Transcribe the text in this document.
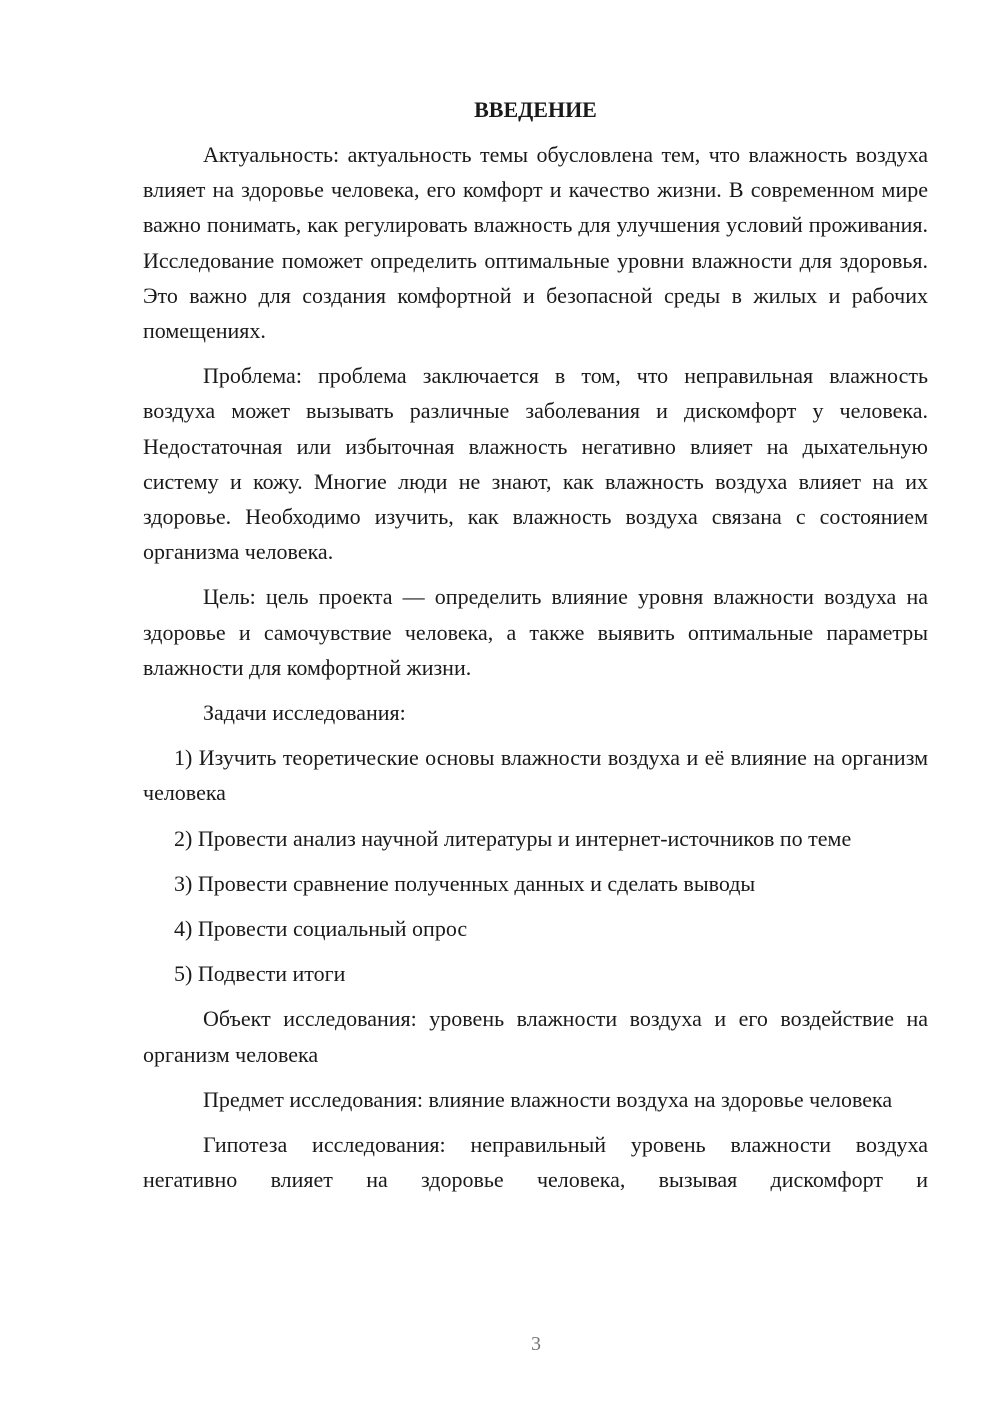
ВВЕДЕНИЕ

Актуальность: актуальность темы обусловлена тем, что влажность воздуха влияет на здоровье человека, его комфорт и качество жизни. В современном мире важно понимать, как регулировать влажность для улучшения условий проживания. Исследование поможет определить оптимальные уровни влажности для здоровья. Это важно для создания комфортной и безопасной среды в жилых и рабочих помещениях.

Проблема: проблема заключается в том, что неправильная влажность воздуха может вызывать различные заболевания и дискомфорт у человека. Недостаточная или избыточная влажность негативно влияет на дыхательную систему и кожу. Многие люди не знают, как влажность воздуха влияет на их здоровье. Необходимо изучить, как влажность воздуха связана с состоянием организма человека.

Цель: цель проекта — определить влияние уровня влажности воздуха на здоровье и самочувствие человека, а также выявить оптимальные параметры влажности для комфортной жизни.

Задачи исследования:

1) Изучить теоретические основы влажности воздуха и её влияние на организм человека

2) Провести анализ научной литературы и интернет-источников по теме

3) Провести сравнение полученных данных и сделать выводы

4) Провести социальный опрос

5) Подвести итоги

Объект исследования: уровень влажности воздуха и его воздействие на организм человека

Предмет исследования: влияние влажности воздуха на здоровье человека

Гипотеза исследования: неправильный уровень влажности воздуха негативно влияет на здоровье человека, вызывая дискомфорт и

3
